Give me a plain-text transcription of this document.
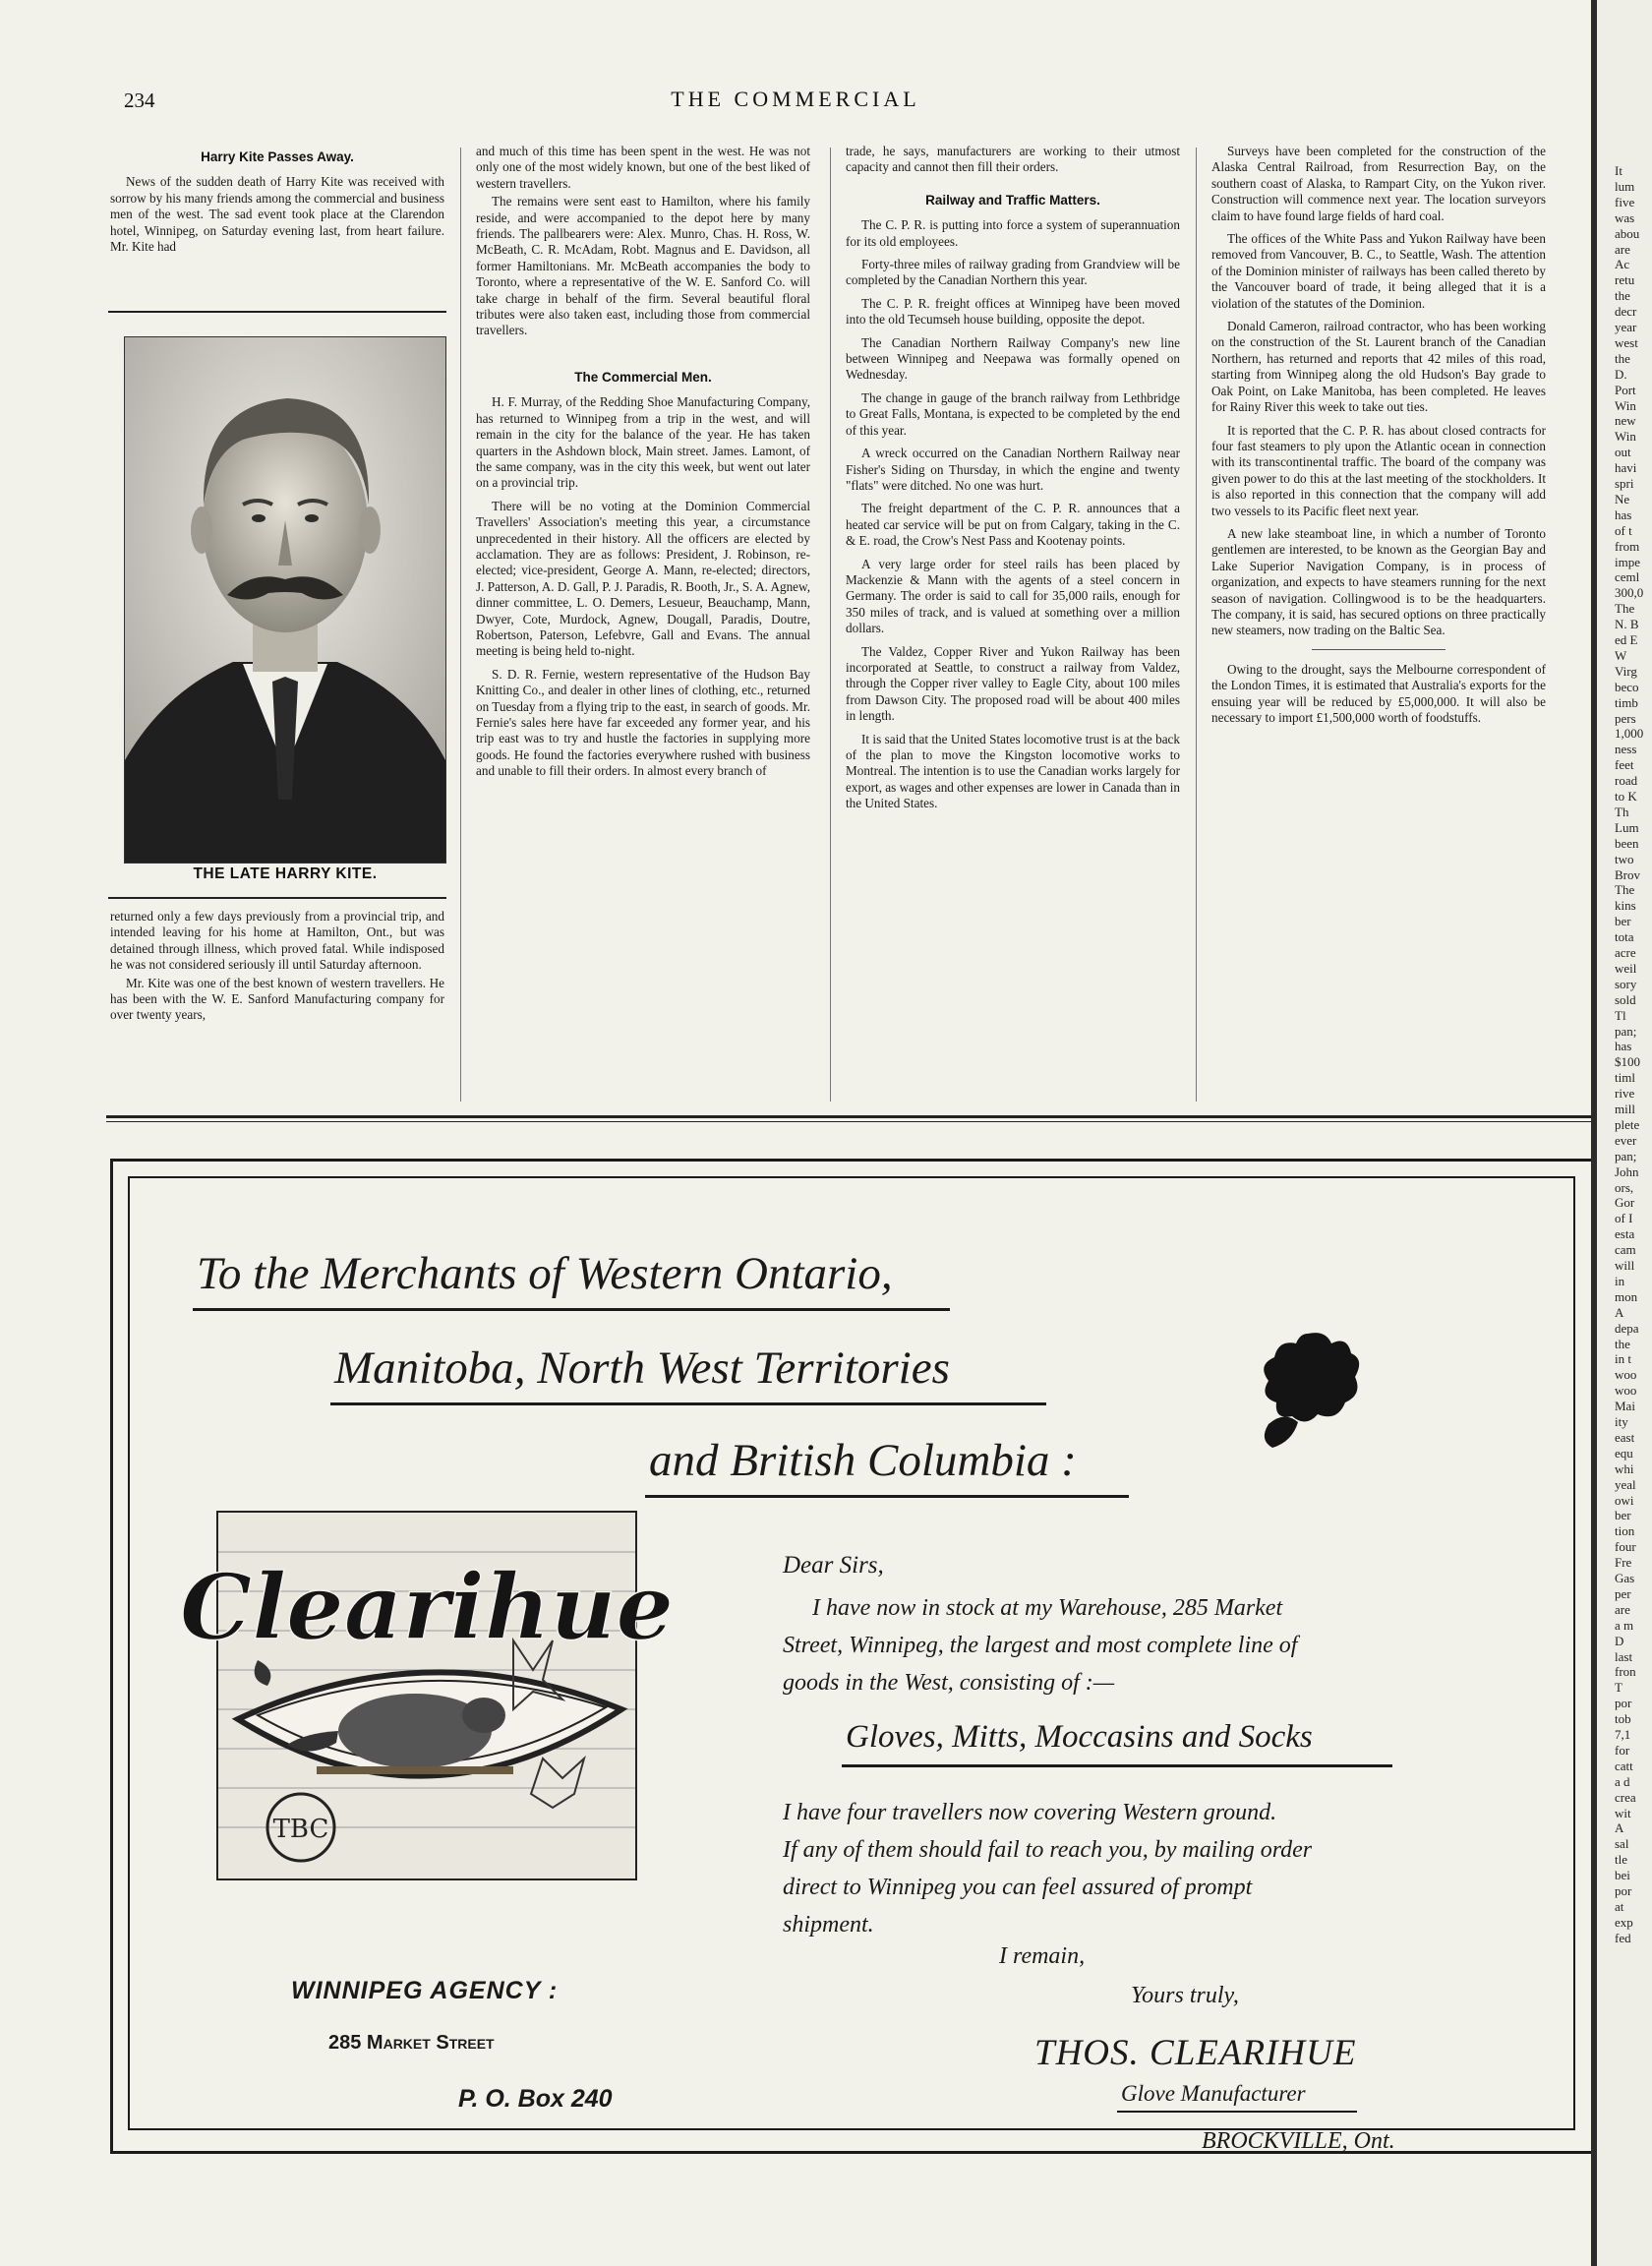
234	THE COMMERCIAL
Harry Kite Passes Away.

News of the sudden death of Harry Kite was received with sorrow by his many friends among the commercial and business men of the west. The sad event took place at the Clarendon hotel, Winnipeg, on Saturday evening last, from heart failure. Mr. Kite had

THE LATE HARRY KITE.

returned only a few days previously from a provincial trip, and intended leaving for his home at Hamilton, Ont., but was detained through illness, which proved fatal. While indisposed he was not considered seriously ill until Saturday afternoon.

Mr. Kite was one of the best known of western travellers. He has been with the W. E. Sanford Manufacturing company for over twenty years,

and much of this time has been spent in the west. He was not only one of the most widely known, but one of the best liked of western travellers.

The remains were sent east to Hamilton, where his family reside, and were accompanied to the depot here by many friends. The pallbearers were: Alex. Munro, Chas. H. Ross, W. McBeath, C. R. McAdam, Robt. Magnus and E. Davidson, all former Hamiltonians. Mr. McBeath accompanies the body to Toronto, where a representative of the W. E. Sanford Co. will take charge in behalf of the firm. Several beautiful floral tributes were also taken east, including those from commercial travellers.

The Commercial Men.

H. F. Murray, of the Redding Shoe Manufacturing Company, has returned to Winnipeg from a trip in the west, and will remain in the city for the balance of the year. He has taken quarters in the Ashdown block, Main street. James. Lamont, of the same company, was in the city this week, but went out later on a provincial trip.

There will be no voting at the Dominion Commercial Travellers' Association's meeting this year, a circumstance unprecedented in their history. All the officers are elected by acclamation. They are as follows: President, J. Robinson, re-elected; vice-president, George A. Mann, re-elected; directors, J. Patterson, A. D. Gall, P. J. Paradis, R. Booth, Jr., S. A. Agnew, dinner committee, L. O. Demers, Lesueur, Beauchamp, Mann, Dwyer, Cote, Murdock, Agnew, Dougall, Paradis, Doutre, Robertson, Paterson, Lefebvre, Gall and Evans. The annual meeting is being held to-night.

S. D. R. Fernie, western representative of the Hudson Bay Knitting Co., and dealer in other lines of clothing, etc., returned on Tuesday from a flying trip to the east, in search of goods. Mr. Fernie's sales here have far exceeded any former year, and his trip east was to try and hustle the factories in supplying more goods. He found the factories everywhere rushed with business and unable to fill their orders. In almost every branch of

trade, he says, manufacturers are working to their utmost capacity and cannot then fill their orders.

Railway and Traffic Matters.

The C. P. R. is putting into force a system of superannuation for its old employees.

Forty-three miles of railway grading from Grandview will be completed by the Canadian Northern this year.

The C. P. R. freight offices at Winnipeg have been moved into the old Tecumseh house building, opposite the depot.

The Canadian Northern Railway Company's new line between Winnipeg and Neepawa was formally opened on Wednesday.

The change in gauge of the branch railway from Lethbridge to Great Falls, Montana, is expected to be completed by the end of this year.

A wreck occurred on the Canadian Northern Railway near Fisher's Siding on Thursday, in which the engine and twenty "flats" were ditched. No one was hurt.

The freight department of the C. P. R. announces that a heated car service will be put on from Calgary, taking in the C. & E. road, the Crow's Nest Pass and Kootenay points.

A very large order for steel rails has been placed by Mackenzie & Mann with the agents of a steel concern in Germany. The order is said to call for 35,000 rails, enough for 350 miles of track, and is valued at something over a million dollars.

The Valdez, Copper River and Yukon Railway has been incorporated at Seattle, to construct a railway from Valdez, through the Copper river valley to Eagle City, about 100 miles from Dawson City. The proposed road will be about 400 miles in length.

It is said that the United States locomotive trust is at the back of the plan to move the Kingston locomotive works to Montreal. The intention is to use the Canadian works largely for export, as wages and other expenses are lower in Canada than in the United States.

Surveys have been completed for the construction of the Alaska Central Railroad, from Resurrection Bay, on the southern coast of Alaska, to Rampart City, on the Yukon river. Construction will commence next year. The location surveyors claim to have found large fields of hard coal.

The offices of the White Pass and Yukon Railway have been removed from Vancouver, B. C., to Seattle, Wash. The attention of the Dominion minister of railways has been called thereto by the Vancouver board of trade, it being alleged that it is a violation of the statutes of the Dominion.

Donald Cameron, railroad contractor, who has been working on the construction of the St. Laurent branch of the Canadian Northern, has returned and reports that 42 miles of this road, starting from Winnipeg along the old Hudson's Bay grade to Oak Point, on Lake Manitoba, has been completed. He leaves for Rainy River this week to take out ties.

It is reported that the C. P. R. has about closed contracts for four fast steamers to ply upon the Atlantic ocean in connection with its transcontinental traffic. The board of the company was given power to do this at the last meeting of the stockholders. It is also reported in this connection that the company will add two vessels to its Pacific fleet next year.

A new lake steamboat line, in which a number of Toronto gentlemen are interested, to be known as the Georgian Bay and Lake Superior Navigation Company, is in process of organization, and expects to have steamers running for the next season of navigation. Collingwood is to be the headquarters. The company, it is said, has secured options on three practically new steamers, now trading on the Baltic Sea.

Owing to the drought, says the Melbourne correspondent of the London Times, it is estimated that Australia's exports for the ensuing year will be reduced by £5,000,000. It will also be necessary to import £1,500,000 worth of foodstuffs.

To the Merchants of Western Ontario,
Manitoba, North West Territories
and British Columbia :
Dear Sirs,
I have now in stock at my Warehouse, 285 Market
Street, Winnipeg, the largest and most complete line of
goods in the West, consisting of :—
Gloves, Mitts, Moccasins and Socks
I have four travellers now covering Western ground.
If any of them should fail to reach you, by mailing order
direct to Winnipeg you can feel assured of prompt
shipment.
I remain,
Yours truly,
THOS. CLEARIHUE
Glove Manufacturer
BROCKVILLE, Ont.
TBC
Clearihue
WINNIPEG AGENCY :
285 Market Street
P. O. Box 240
It
lum
five
was
abou
are
Ac
retu
the
decr
year
west
the
D.
Port
Win
new
Win
out
havi
spri
Ne
has
of t
from
impe
ceml
300,0
The
N. B
ed E
W
Virg
beco
timb
pers
1,000
ness
feet
road
to K
Th
Lum
been
two
Brov
The
kins
ber
tota
acre
weil
sory
sold
Tl
pan;
has
$100
timl
rive
mill
plete
ever
pan;
John
ors,
Gor
of I
esta
cam
will
in
mon
A
depa
the
in t
woo
woo
Mai
ity
east
equ
whi
yeal
owi
ber
tion
four
Fre
Gas
per
are
a m
D
last
fron
T
por
tob
7,1
for
catt
a d
crea
wit
A
sal
tle
bei
por
at
exp
fed
